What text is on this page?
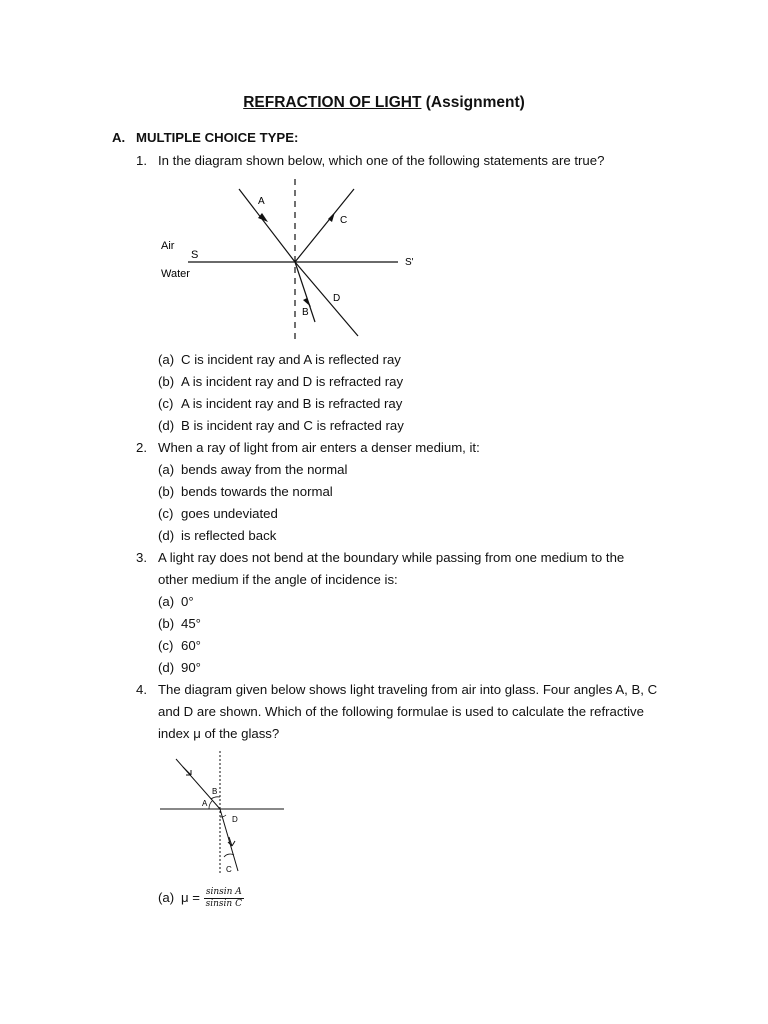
REFRACTION OF LIGHT (Assignment)
A. MULTIPLE CHOICE TYPE:
1. In the diagram shown below, which one of the following statements are true?
A
C
Air
S
S'
Water
D
B
(a) C is incident ray and A is reflected ray
(b) A is incident ray and D is refracted ray
(c) A is incident ray and B is refracted ray
(d) B is incident ray and C is refracted ray
2. When a ray of light from air enters a denser medium, it:
(a) bends away from the normal
(b) bends towards the normal
(c) goes undeviated
(d) is reflected back
3. A light ray does not bend at the boundary while passing from one medium to the
other medium if the angle of incidence is:
(a) 0°
(b) 45°
(c) 60°
(d) 90°
4. The diagram given below shows light traveling from air into glass. Four angles A, B, C
and D are shown. Which of the following formulae is used to calculate the refractive
index μ of the glass?
B
A
D
C
(a) $\mu = \frac{\text{sinsin A}}{\text{sinsin C}}$
